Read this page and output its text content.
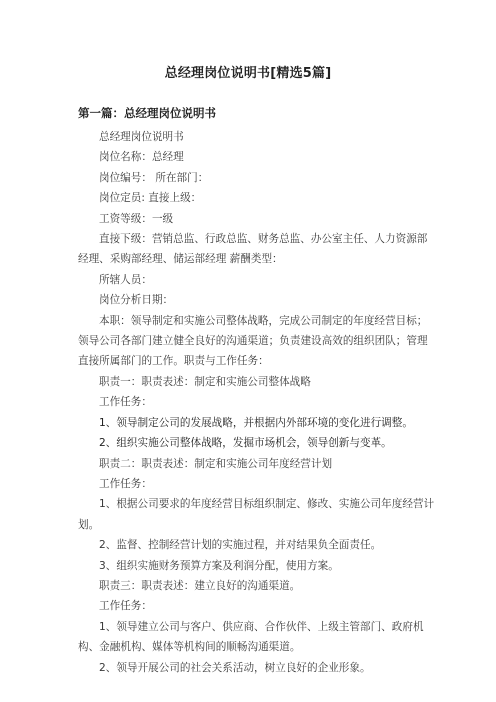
总经理岗位说明书[精选5篇]
第一篇：总经理岗位说明书

总经理岗位说明书

岗位名称：总经理

岗位编号： 所在部门：

岗位定员: 直接上级：

工资等级：一级

直接下级：营销总监、行政总监、财务总监、办公室主任、人力资源部经理、采购部经理、储运部经理 薪酬类型：

所辖人员：

岗位分析日期：

本职：领导制定和实施公司整体战略，完成公司制定的年度经营目标；领导公司各部门建立健全良好的沟通渠道；负责建设高效的组织团队；管理直接所属部门的工作。职责与工作任务：

职责一：职责表述：制定和实施公司整体战略

工作任务：

1、领导制定公司的发展战略，并根据内外部环境的变化进行调整。

2、组织实施公司整体战略，发掘市场机会，领导创新与变革。

职责二：职责表述：制定和实施公司年度经营计划

工作任务：

1、根据公司要求的年度经营目标组织制定、修改、实施公司年度经营计划。

2、监督、控制经营计划的实施过程，并对结果负全面责任。

3、组织实施财务预算方案及利润分配，使用方案。

职责三：职责表述：建立良好的沟通渠道。

工作任务：

1、领导建立公司与客户、供应商、合作伙伴、上级主管部门、政府机构、金融机构、媒体等机构间的顺畅沟通渠道。

2、领导开展公司的社会关系活动，树立良好的企业形象。
